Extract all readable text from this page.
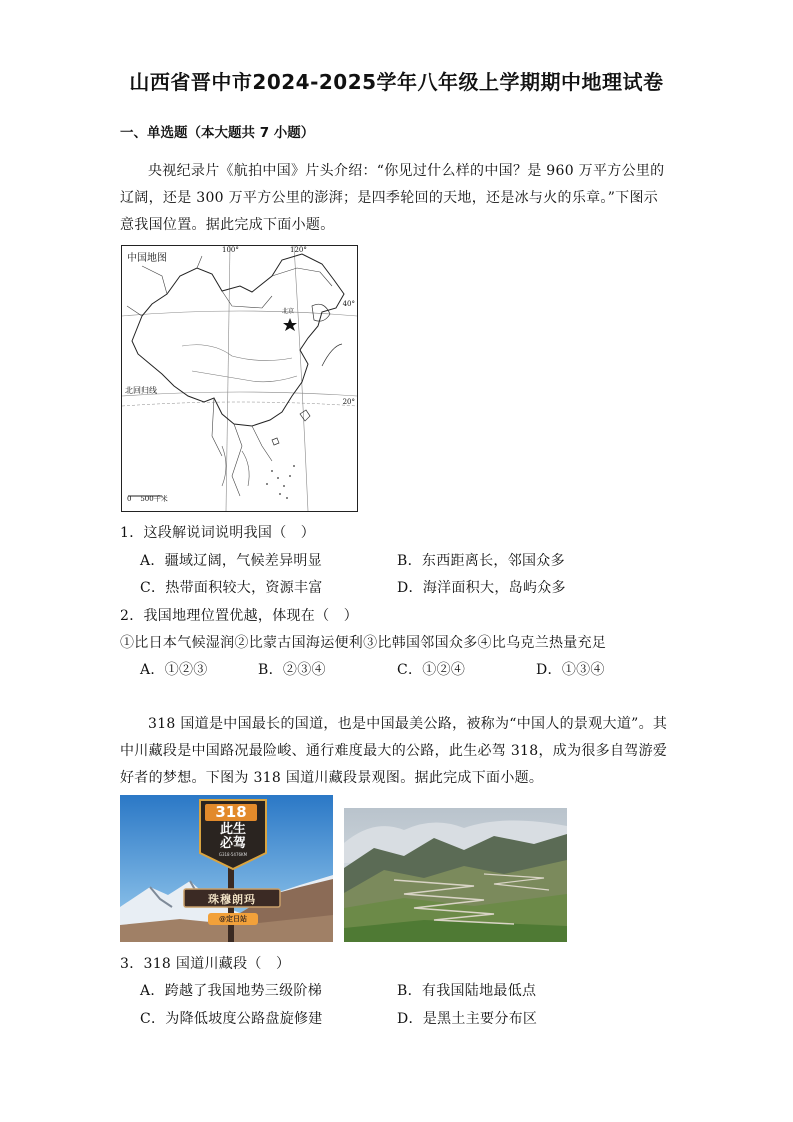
山西省晋中市2024-2025学年八年级上学期期中地理试卷
一、单选题（本大题共 7 小题）
央视纪录片《航拍中国》片头介绍：“你见过什么样的中国？是 960 万平方公里的辽阔，还是 300 万平方公里的澎湃；是四季轮回的天地，还是冰与火的乐章。”下图示意我国位置。据此完成下面小题。
中国地图
100°	120°
40°
20°
北回归线
北京
0    500千米
1．这段解说词说明我国（　）
A．疆域辽阔，气候差异明显	B．东西距离长，邻国众多
C．热带面积较大，资源丰富	D．海洋面积大，岛屿众多
2．我国地理位置优越，体现在（　）
①比日本气候湿润②比蒙古国海运便利③比韩国邻国众多④比乌克兰热量充足
A．①②③	B．②③④	C．①②④	D．①③④
318 国道是中国最长的国道，也是中国最美公路，被称为“中国人的景观大道”。其中川藏段是中国路况最险峻、通行难度最大的公路，此生必驾 318，成为很多自驾游爱好者的梦想。下图为 318 国道川藏段景观图。据此完成下面小题。
318
此生
必驾
G318·5476KM
珠穆朗玛
@定日站
3．318 国道川藏段（　）
A．跨越了我国地势三级阶梯	B．有我国陆地最低点
C．为降低坡度公路盘旋修建	D．是黑土主要分布区
